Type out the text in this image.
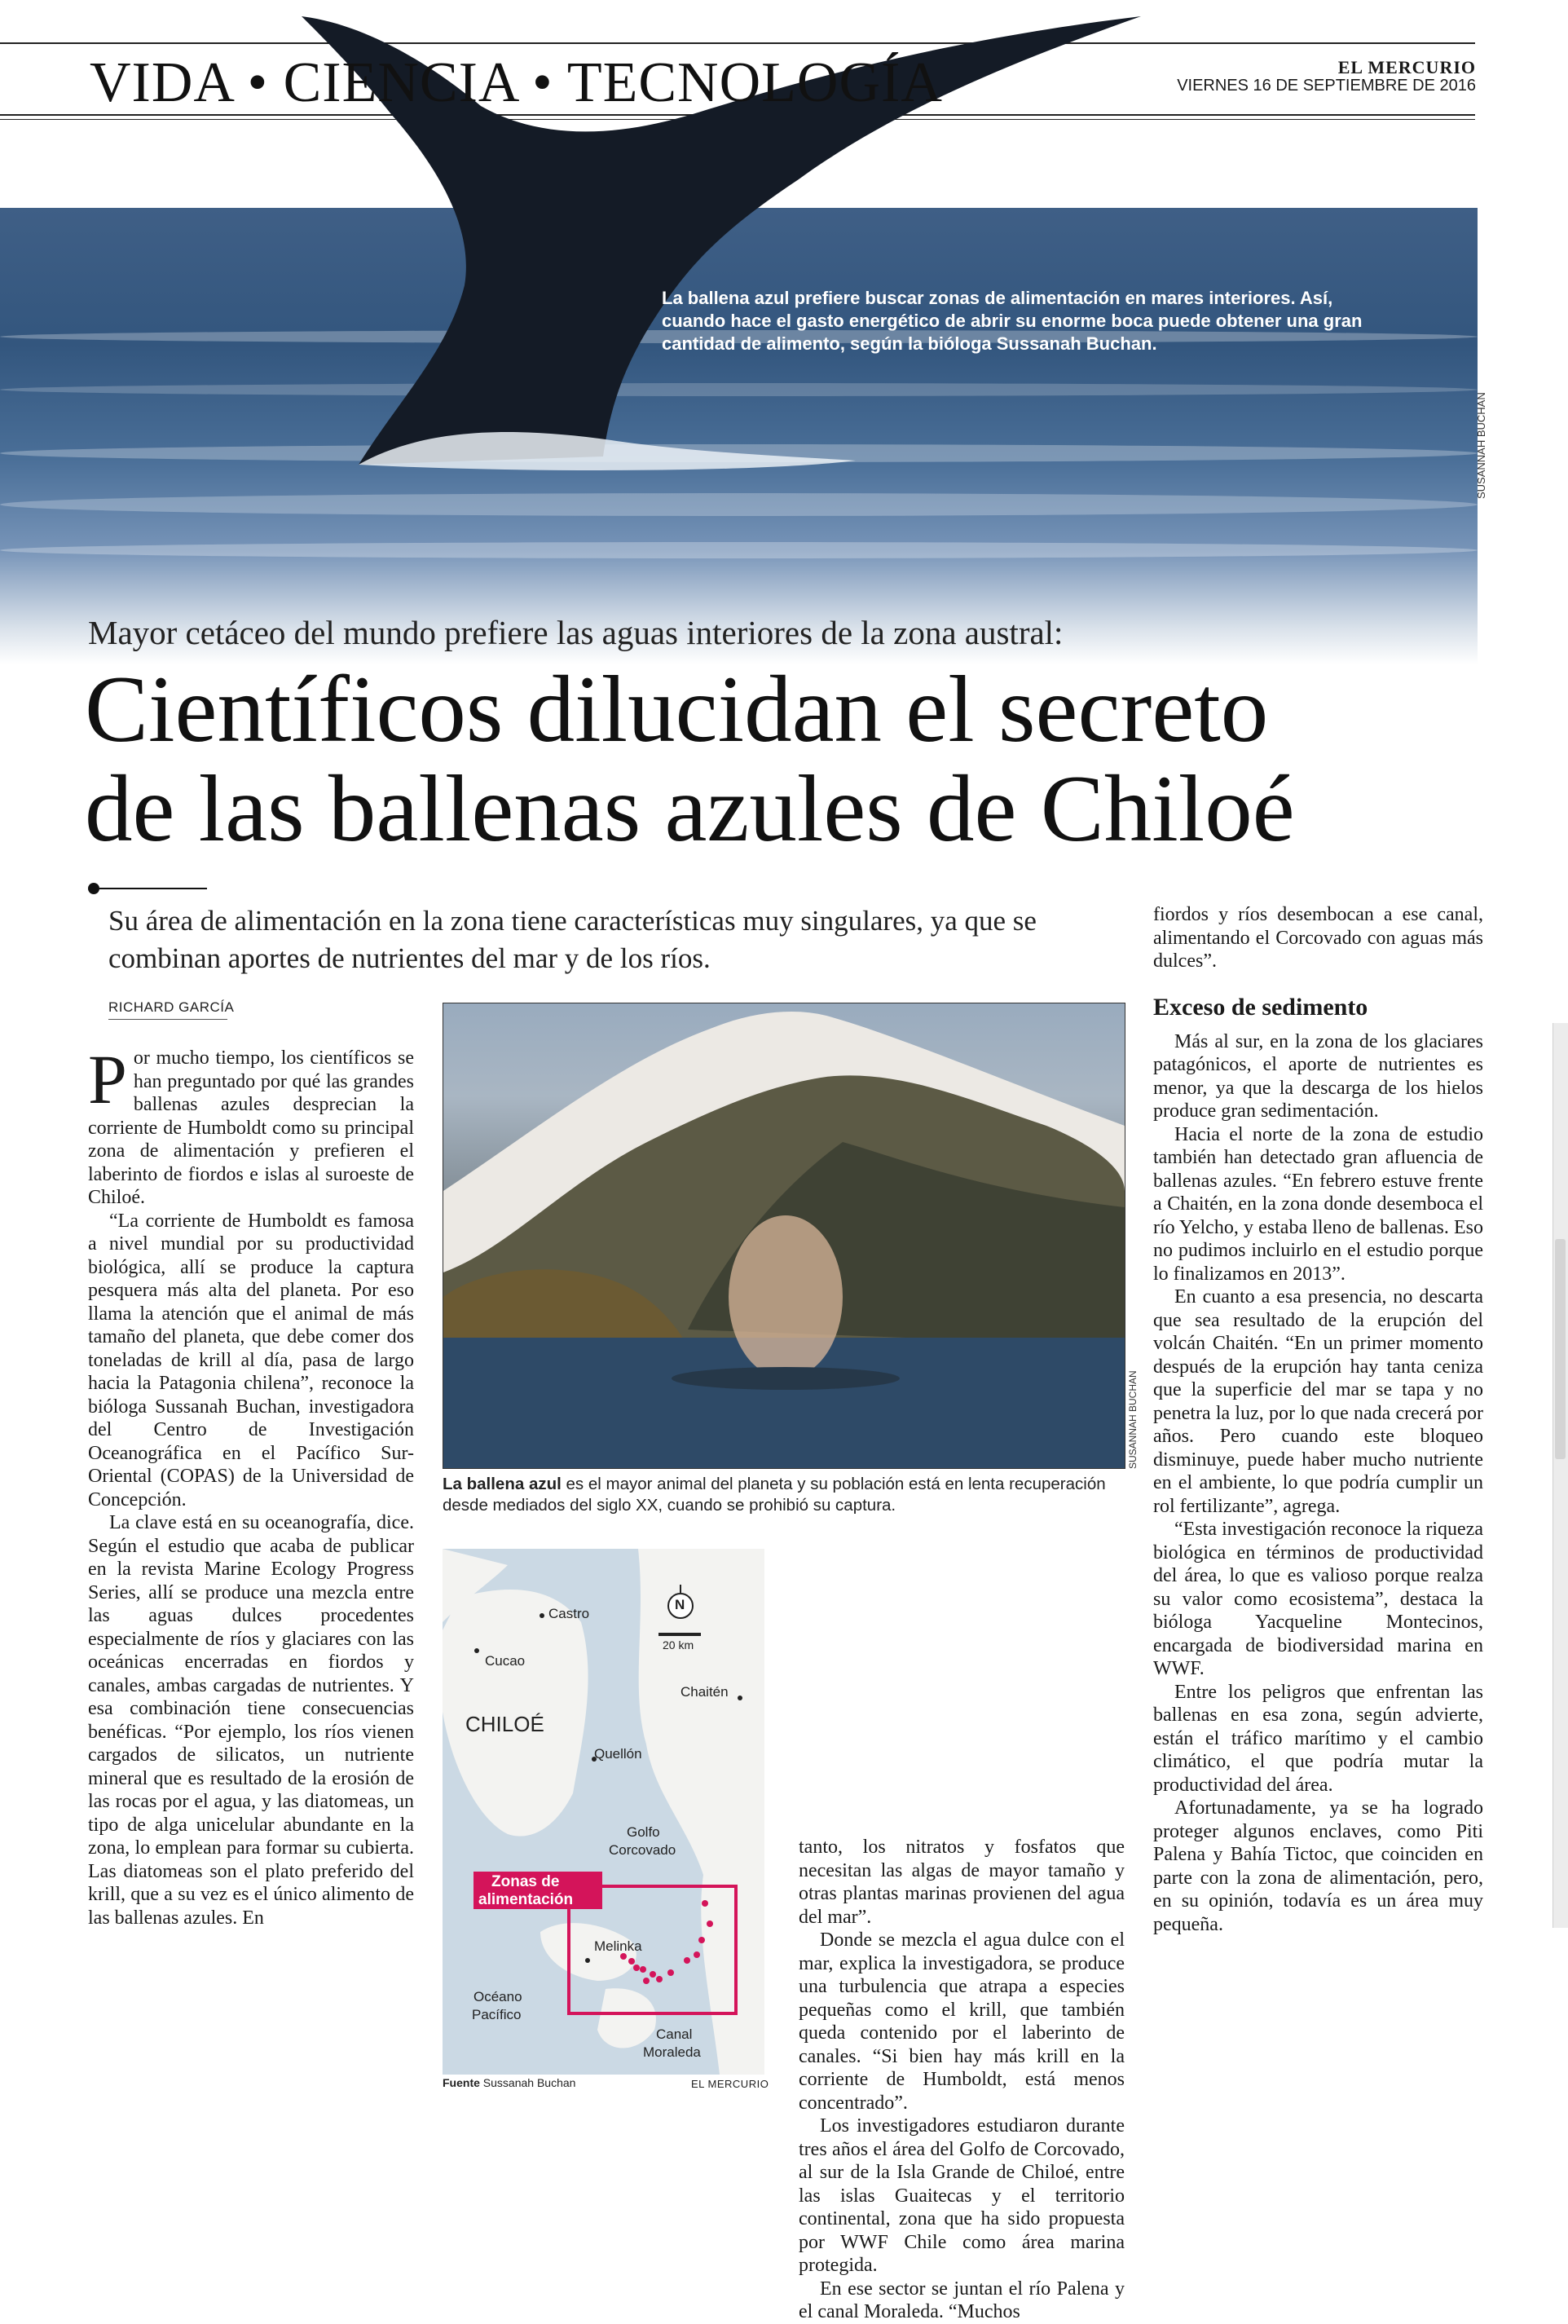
VIDA • CIENCIA • TECNOLOGÍA	EL MERCURIO
VIERNES 16 DE SEPTIEMBRE DE 2016
La ballena azul prefiere buscar zonas de alimentación en mares interiores. Así, cuando hace el gasto energético de abrir su enorme boca puede obtener una gran cantidad de alimento, según la bióloga Sussanah Buchan.
SUSANNAH BUCHAN
Mayor cetáceo del mundo prefiere las aguas interiores de la zona austral:
Científicos dilucidan el secreto
de las ballenas azules de Chiloé
Su área de alimentación en la zona tiene características muy singulares, ya que se combinan aportes de nutrientes del mar y de los ríos.
RICHARD GARCÍA

Por mucho tiempo, los científicos se han preguntado por qué las grandes ballenas azules desprecian la corriente de Humboldt como su principal zona de alimentación y prefieren el laberinto de fiordos e islas al suroeste de Chiloé.

“La corriente de Humboldt es famosa a nivel mundial por su productividad biológica, allí se produce la captura pesquera más alta del planeta. Por eso llama la atención que el animal de más tamaño del planeta, que debe comer dos toneladas de krill al día, pasa de largo hacia la Patagonia chilena”, reconoce la bióloga Sussanah Buchan, investigadora del Centro de Investigación Oceanográfica en el Pacífico Sur-Oriental (COPAS) de la Universidad de Concepción.

La clave está en su oceanografía, dice. Según el estudio que acaba de publicar en la revista Marine Ecology Progress Series, allí se produce una mezcla entre las aguas dulces procedentes especialmente de ríos y glaciares con las oceánicas encerradas en fiordos y canales, ambas cargadas de nutrientes. Y esa combinación tiene consecuencias benéficas. “Por ejemplo, los ríos vienen cargados de silicatos, un nutriente mineral que es resultado de la erosión de las rocas por el agua, y las diatomeas, un tipo de alga unicelular abundante en la zona, lo emplean para formar su cubierta. Las diatomeas son el plato preferido del krill, que a su vez es el único alimento de las ballenas azules. En

SUSANNAH BUCHAN
La ballena azul es el mayor animal del planeta y su población está en lenta recuperación desde mediados del siglo XX, cuando se prohibió su captura.
N
20 km
Castro
Cucao
Chaitén
CHILOÉ
Quellón
Golfo
Corcovado
Zonas de
alimentación
Melinka
Océano
Pacífico
Canal
Moraleda
Fuente Sussanah Buchan	EL MERCURIO

tanto, los nitratos y fosfatos que necesitan las algas de mayor tamaño y otras plantas marinas provienen del agua del mar”.

Donde se mezcla el agua dulce con el mar, explica la investigadora, se produce una turbulencia que atrapa a especies pequeñas como el krill, que también queda contenido por el laberinto de canales. “Si bien hay más krill en la corriente de Humboldt, está menos concentrado”.

Los investigadores estudiaron durante tres años el área del Golfo de Corcovado, al sur de la Isla Grande de Chiloé, entre las islas Guaitecas y el territorio continental, zona que ha sido propuesta por WWF Chile como área marina protegida.

En ese sector se juntan el río Palena y el canal Moraleda. “Muchos

fiordos y ríos desembocan a ese canal, alimentando el Corcovado con aguas más dulces”.

Exceso de sedimento

Más al sur, en la zona de los glaciares patagónicos, el aporte de nutrientes es menor, ya que la descarga de los hielos produce gran sedimentación.

Hacia el norte de la zona de estudio también han detectado gran afluencia de ballenas azules. “En febrero estuve frente a Chaitén, en la zona donde desemboca el río Yelcho, y estaba lleno de ballenas. Eso no pudimos incluirlo en el estudio porque lo finalizamos en 2013”.

En cuanto a esa presencia, no descarta que sea resultado de la erupción del volcán Chaitén. “En un primer momento después de la erupción hay tanta ceniza que la superficie del mar se tapa y no penetra la luz, por lo que nada crecerá por años. Pero cuando este bloqueo disminuye, puede haber mucho nutriente en el ambiente, lo que podría cumplir un rol fertilizante”, agrega.

“Esta investigación reconoce la riqueza biológica en términos de productividad del área, lo que es valioso porque realza su valor como ecosistema”, destaca la bióloga Yacqueline Montecinos, encargada de biodiversidad marina en WWF.

Entre los peligros que enfrentan las ballenas en esa zona, según advierte, están el tráfico marítimo y el cambio climático, el que podría mutar la productividad del área.

Afortunadamente, ya se ha logrado proteger algunos enclaves, como Piti Palena y Bahía Tictoc, que coinciden en parte con la zona de alimentación, pero, en su opinión, todavía es un área muy pequeña.
